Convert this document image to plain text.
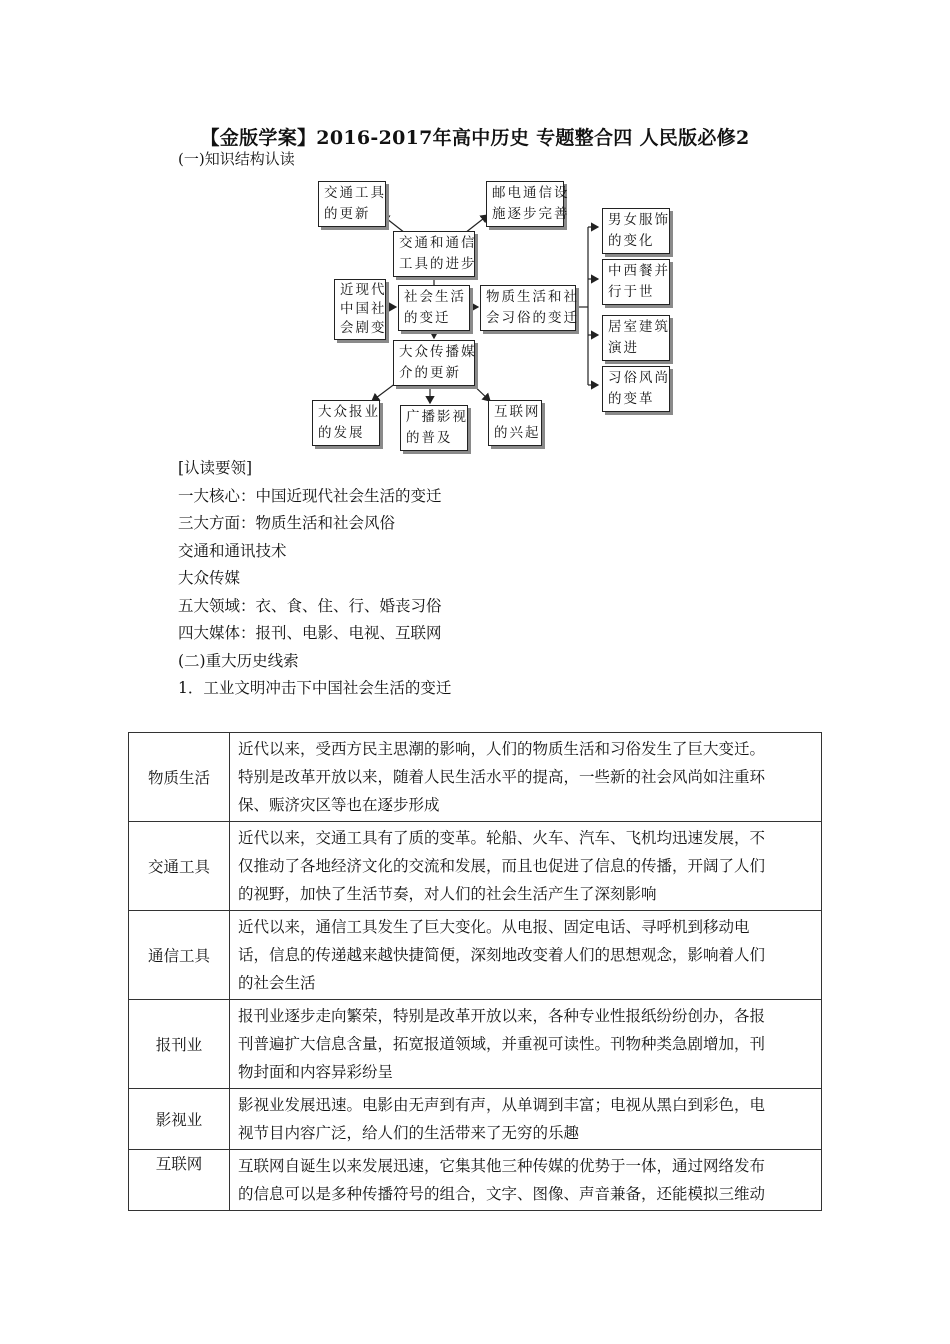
【金版学案】2016-2017年高中历史 专题整合四 人民版必修2
(一)知识结构认读
交通工具
的更新
邮电通信设
施逐步完善
交通和通信
工具的进步
近现代
中国社
会剧变
社会生活
的变迁
物质生活和社
会习俗的变迁
大众传播媒
介的更新
大众报业
的发展
广播影视
的普及
互联网
的兴起
男女服饰
的变化
中西餐并
行于世
居室建筑
演进
习俗风尚
的变革
[认读要领]
一大核心：中国近现代社会生活的变迁
三大方面：物质生活和社会风俗
交通和通讯技术
大众传媒
五大领域：衣、食、住、行、婚丧习俗
四大媒体：报刊、电影、电视、互联网
(二)重大历史线索
1．工业文明冲击下中国社会生活的变迁
物质生活	近代以来，受西方民主思潮的影响，人们的物质生活和习俗发生了巨大变迁。
特别是改革开放以来，随着人民生活水平的提高，一些新的社会风尚如注重环
保、赈济灾区等也在逐步形成

交通工具	近代以来，交通工具有了质的变革。轮船、火车、汽车、飞机均迅速发展，不
仅推动了各地经济文化的交流和发展，而且也促进了信息的传播，开阔了人们
的视野，加快了生活节奏，对人们的社会生活产生了深刻影响

通信工具	近代以来，通信工具发生了巨大变化。从电报、固定电话、寻呼机到移动电
话，信息的传递越来越快捷简便，深刻地改变着人们的思想观念，影响着人们
的社会生活

报刊业	报刊业逐步走向繁荣，特别是改革开放以来，各种专业性报纸纷纷创办，各报
刊普遍扩大信息含量，拓宽报道领域，并重视可读性。刊物种类急剧增加，刊
物封面和内容异彩纷呈

影视业	影视业发展迅速。电影由无声到有声，从单调到丰富；电视从黑白到彩色，电
视节目内容广泛，给人们的生活带来了无穷的乐趣

互联网	互联网自诞生以来发展迅速，它集其他三种传媒的优势于一体，通过网络发布
的信息可以是多种传播符号的组合，文字、图像、声音兼备，还能模拟三维动
